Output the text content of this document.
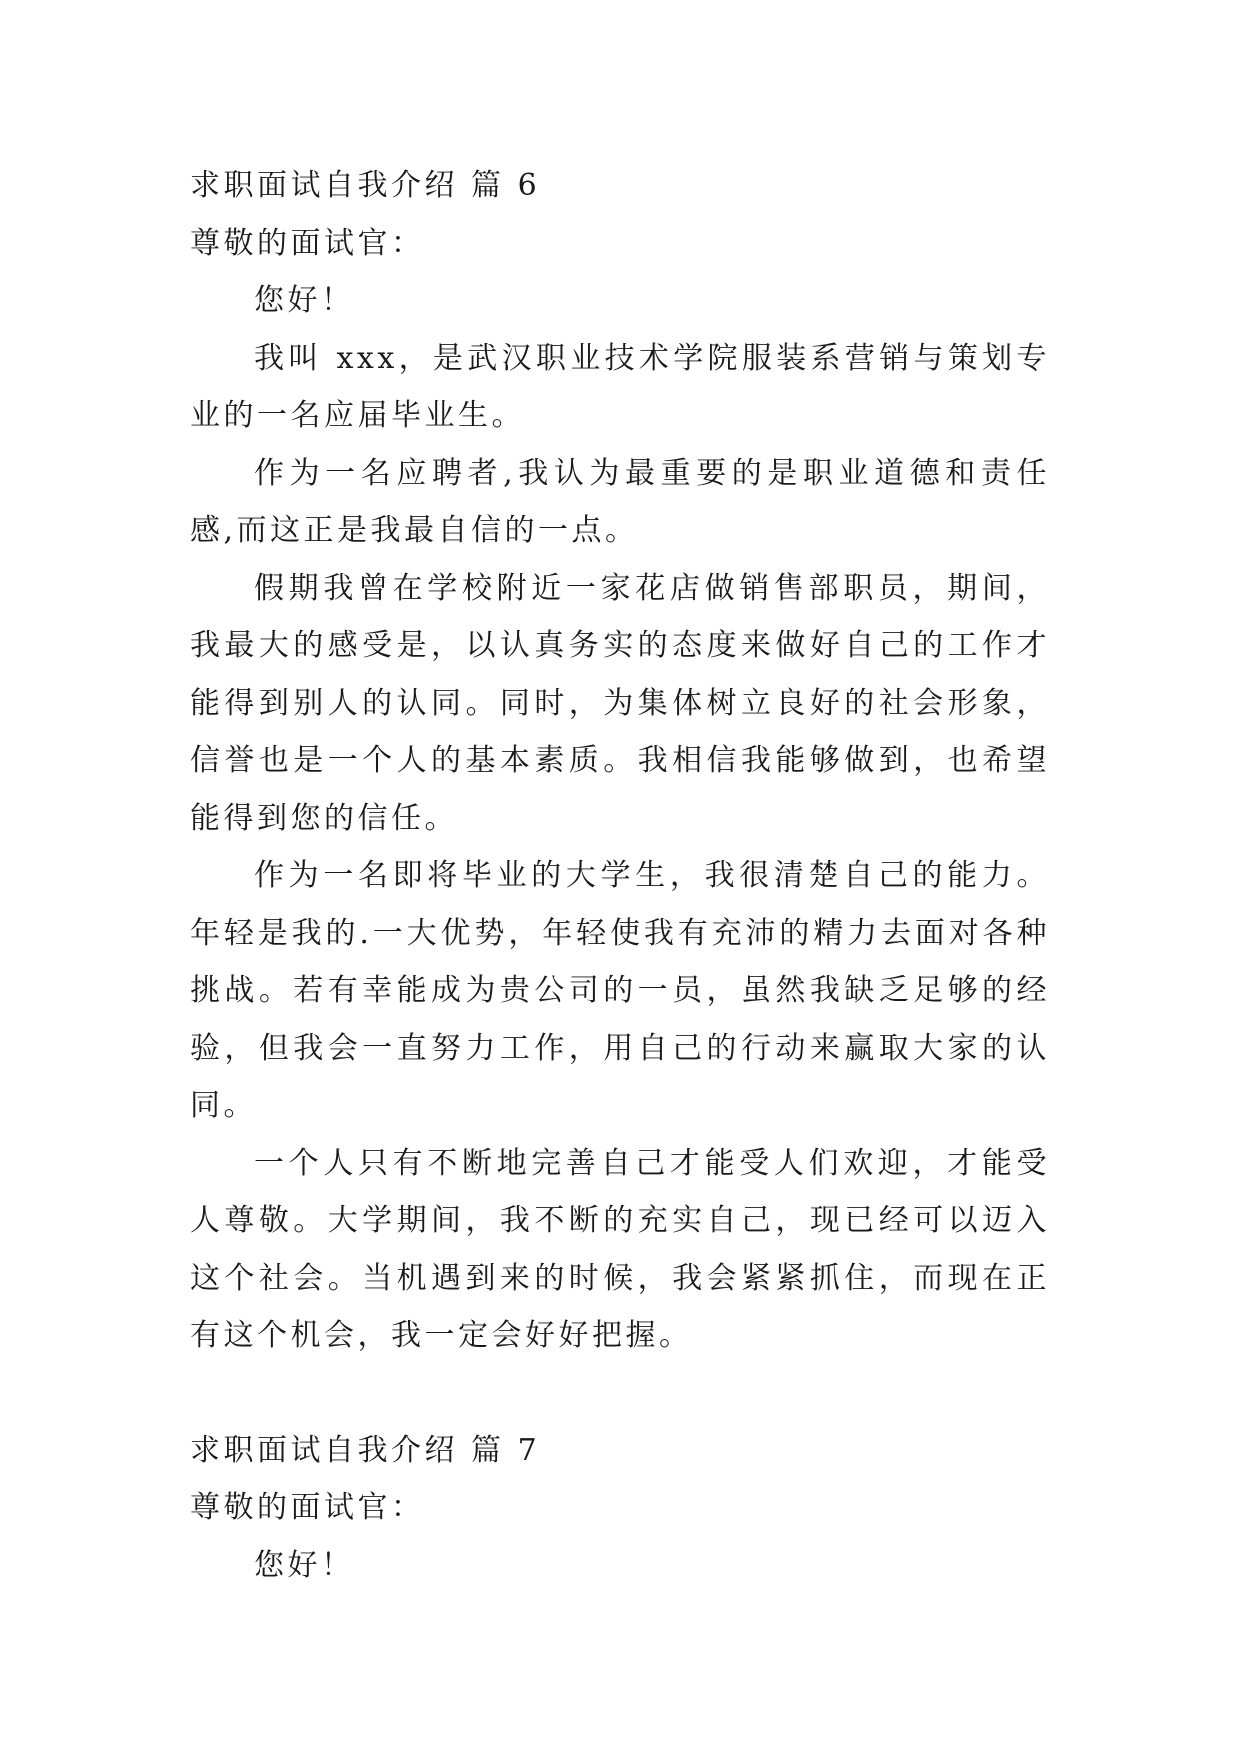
求职面试自我介绍 篇 6

尊敬的面试官：

您好！

我叫 xxx，是武汉职业技术学院服装系营销与策划专业的一名应届毕业生。

作为一名应聘者,我认为最重要的是职业道德和责任感,而这正是我最自信的一点。

假期我曾在学校附近一家花店做销售部职员，期间，我最大的感受是，以认真务实的态度来做好自己的工作才能得到别人的认同。同时，为集体树立良好的社会形象，信誉也是一个人的基本素质。我相信我能够做到，也希望能得到您的信任。

作为一名即将毕业的大学生，我很清楚自己的能力。年轻是我的.一大优势，年轻使我有充沛的精力去面对各种挑战。若有幸能成为贵公司的一员，虽然我缺乏足够的经验，但我会一直努力工作，用自己的行动来赢取大家的认同。

一个人只有不断地完善自己才能受人们欢迎，才能受人尊敬。大学期间，我不断的充实自己，现已经可以迈入这个社会。当机遇到来的时候，我会紧紧抓住，而现在正有这个机会，我一定会好好把握。

求职面试自我介绍 篇 7

尊敬的面试官：

您好！
